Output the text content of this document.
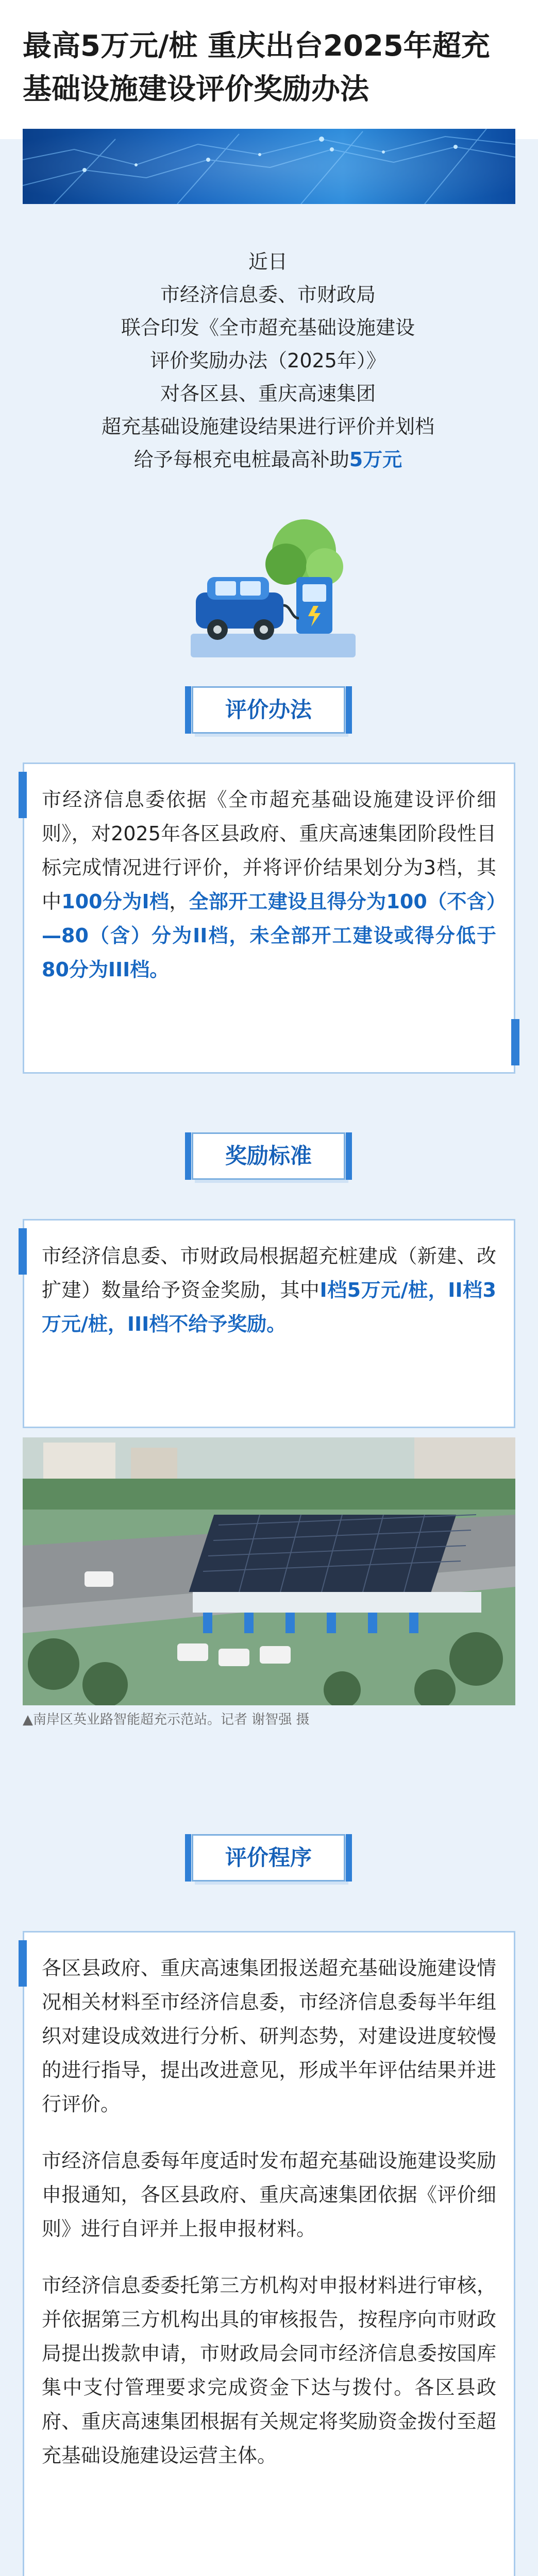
最高5万元/桩 重庆出台2025年超充基础设施建设评价奖励办法
近日
市经济信息委、市财政局
联合印发《全市超充基础设施建设
评价奖励办法（2025年）》
对各区县、重庆高速集团
超充基础设施建设结果进行评价并划档
给予每根充电桩最高补助5万元
评价办法
市经济信息委依据《全市超充基础设施建设评价细则》，对2025年各区县政府、重庆高速集团阶段性目标完成情况进行评价，并将评价结果划分为3档，其中100分为I档，全部开工建设且得分为100（不含）—80（含）分为II档，未全部开工建设或得分低于80分为III档。
奖励标准
市经济信息委、市财政局根据超充桩建成（新建、改扩建）数量给予资金奖励，其中I档5万元/桩，II档3万元/桩，III档不给予奖励。
▲南岸区英业路智能超充示范站。记者 谢智强 摄
评价程序

各区县政府、重庆高速集团报送超充基础设施建设情况相关材料至市经济信息委，市经济信息委每半年组织对建设成效进行分析、研判态势，对建设进度较慢的进行指导，提出改进意见，形成半年评估结果并进行评价。

市经济信息委每年度适时发布超充基础设施建设奖励申报通知，各区县政府、重庆高速集团依据《评价细则》进行自评并上报申报材料。

市经济信息委委托第三方机构对申报材料进行审核，并依据第三方机构出具的审核报告，按程序向市财政局提出拨款申请，市财政局会同市经济信息委按国库集中支付管理要求完成资金下达与拨付。各区县政府、重庆高速集团根据有关规定将奖励资金拨付至超充基础设施建设运营主体。
